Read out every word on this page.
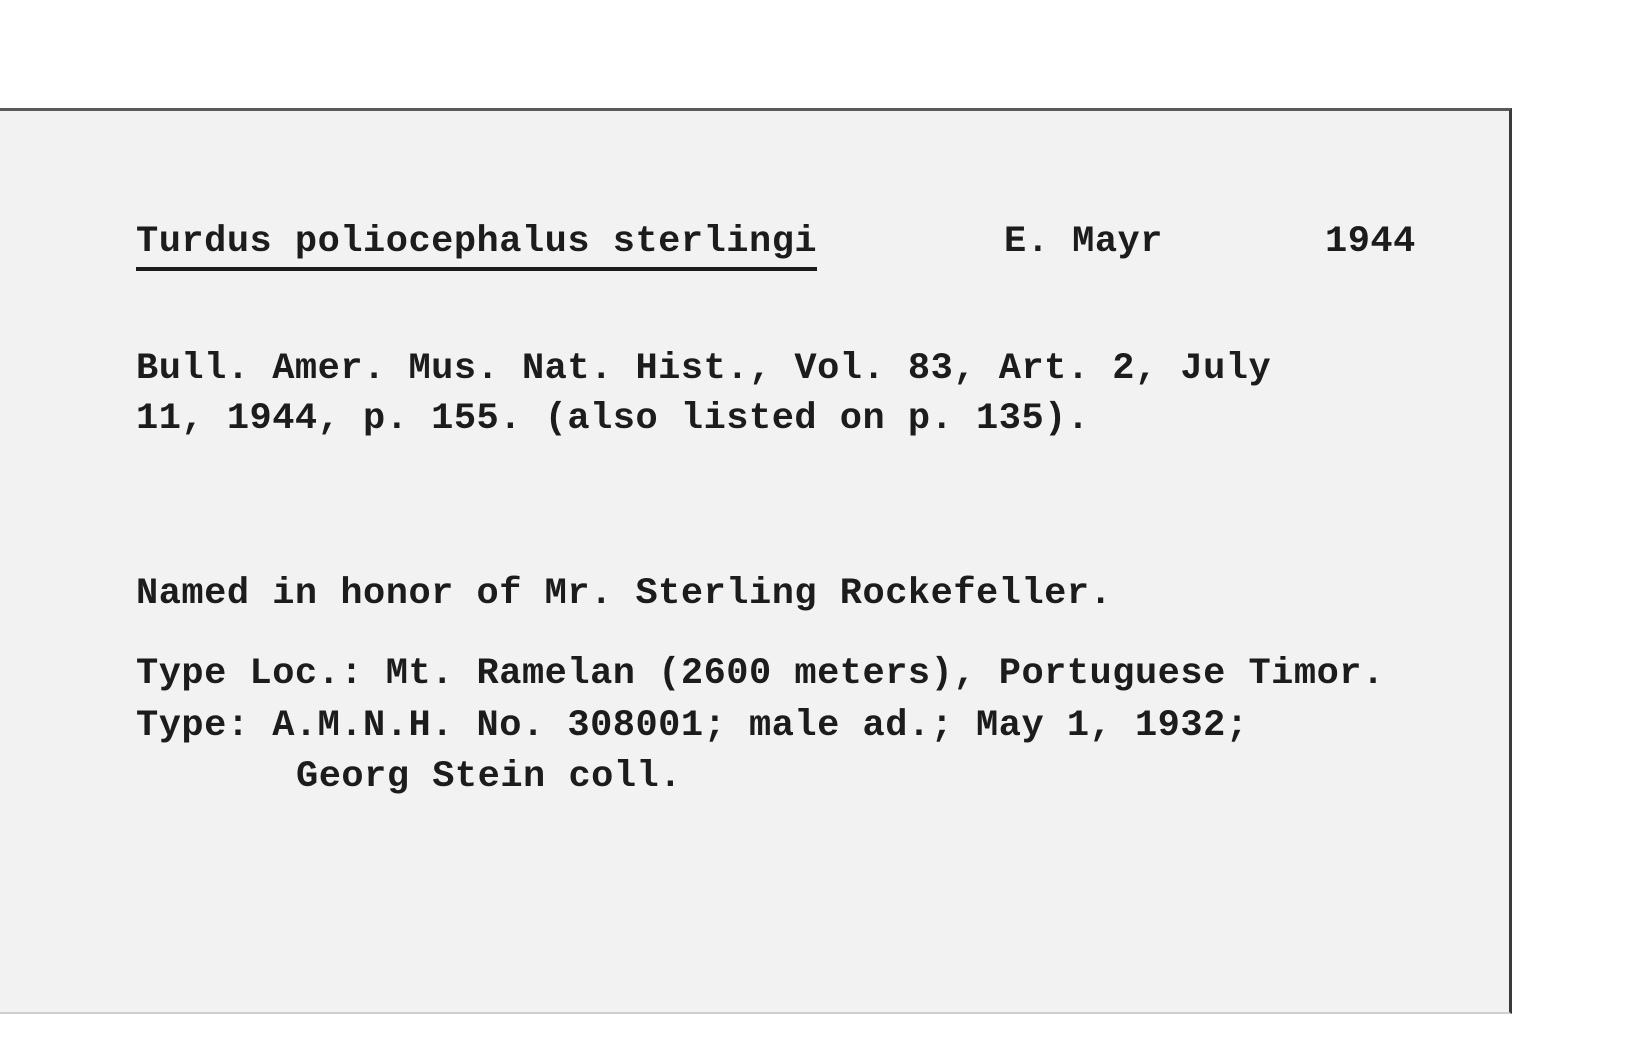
Turdus poliocephalus sterlingi	E. Mayr	1944
Bull. Amer. Mus. Nat. Hist., Vol. 83, Art. 2, July
11, 1944, p. 155. (also listed on p. 135).
Named in honor of Mr. Sterling Rockefeller.
Type Loc.: Mt. Ramelan (2600 meters), Portuguese Timor.
Type: A.M.N.H. No. 308001; male ad.; May 1, 1932;
Georg Stein coll.
